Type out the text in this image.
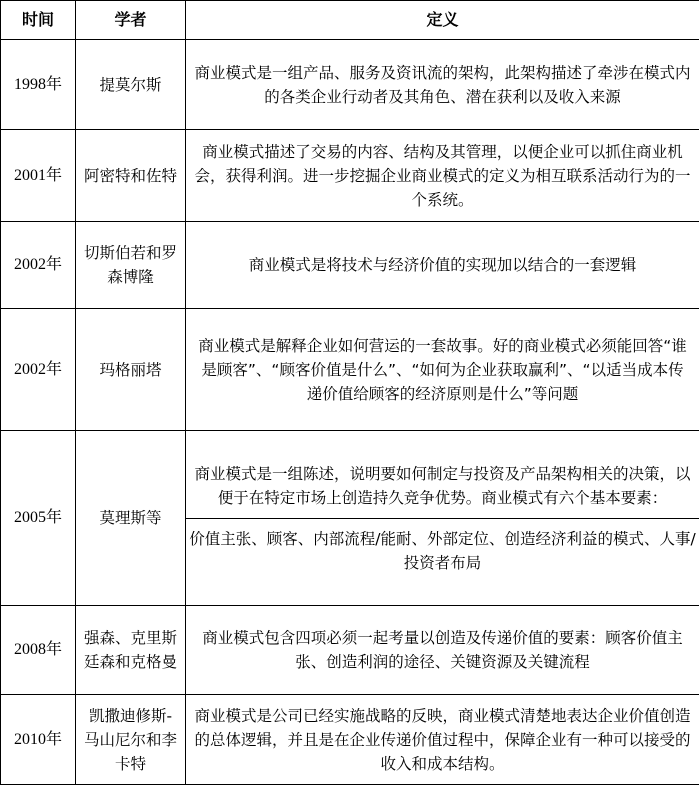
时间	学者	定义
1998年	提莫尔斯	商业模式是一组产品、服务及资讯流的架构，此架构描述了牵涉在模式内的各类企业行动者及其角色、潜在获利以及收入来源

2001年	阿密特和佐特	商业模式描述了交易的内容、结构及其管理，以便企业可以抓住商业机会，获得利润。进一步挖掘企业商业模式的定义为相互联系活动行为的一个系统。

2002年	切斯伯若和罗森博隆	商业模式是将技术与经济价值的实现加以结合的一套逻辑

2002年	玛格丽塔	商业模式是解释企业如何营运的一套故事。好的商业模式必须能回答“谁是顾客”、“顾客价值是什么”、“如何为企业获取赢利”、“以适当成本传递价值给顾客的经济原则是什么”等问题

2005年	莫理斯等	商业模式是一组陈述，说明要如何制定与投资及产品架构相关的决策，以便于在特定市场上创造持久竞争优势。商业模式有六个基本要素：
价值主张、顾客、内部流程/能耐、外部定位、创造经济利益的模式、人事/投资者布局

2008年	强森、克里斯廷森和克格曼	商业模式包含四项必须一起考量以创造及传递价值的要素：顾客价值主张、创造利润的途径、关键资源及关键流程

2010年	凯撒迪修斯-马山尼尔和李卡特	商业模式是公司已经实施战略的反映，商业模式清楚地表达企业价值创造的总体逻辑，并且是在企业传递价值过程中，保障企业有一种可以接受的收入和成本结构。
